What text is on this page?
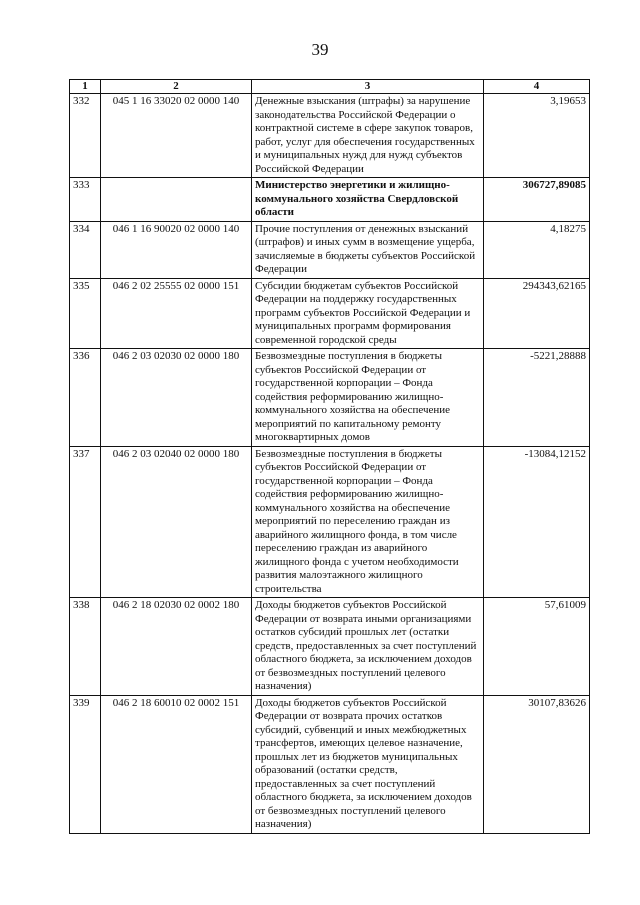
39
1	2	3	4
332	045 1 16 33020 02 0000 140	Денежные взыскания (штрафы) за нарушение законодательства Российской Федерации о контрактной системе в сфере закупок товаров, работ, услуг для обеспечения государственных и муниципальных нужд для нужд субъектов Российской Федерации	3,19653
333		Министерство энергетики и жилищно-коммунального хозяйства Свердловской области	306727,89085
334	046 1 16 90020 02 0000 140	Прочие поступления от денежных взысканий (штрафов) и иных сумм в возмещение ущерба, зачисляемые в бюджеты субъектов Российской Федерации	4,18275
335	046 2 02 25555 02 0000 151	Субсидии бюджетам субъектов Российской Федерации на поддержку государственных программ субъектов Российской Федерации и муниципальных программ формирования современной городской среды	294343,62165
336	046 2 03 02030 02 0000 180	Безвозмездные поступления в бюджеты субъектов Российской Федерации от государственной корпорации – Фонда содействия реформированию жилищно-коммунального хозяйства на обеспечение мероприятий по капитальному ремонту многоквартирных домов	-5221,28888
337	046 2 03 02040 02 0000 180	Безвозмездные поступления в бюджеты субъектов Российской Федерации от государственной корпорации – Фонда содействия реформированию жилищно-коммунального хозяйства на обеспечение мероприятий по переселению граждан из аварийного жилищного фонда, в том числе переселению граждан из аварийного жилищного фонда с учетом необходимости развития малоэтажного жилищного строительства	-13084,12152
338	046 2 18 02030 02 0002 180	Доходы бюджетов субъектов Российской Федерации от возврата иными организациями остатков субсидий прошлых лет (остатки средств, предоставленных за счет поступлений областного бюджета, за исключением доходов от безвозмездных поступлений целевого назначения)	57,61009
339	046 2 18 60010 02 0002 151	Доходы бюджетов субъектов Российской Федерации от возврата прочих остатков субсидий, субвенций и иных межбюджетных трансфертов, имеющих целевое назначение, прошлых лет из бюджетов муниципальных образований (остатки средств, предоставленных за счет поступлений областного бюджета, за исключением доходов от безвозмездных поступлений целевого назначения)	30107,83626
